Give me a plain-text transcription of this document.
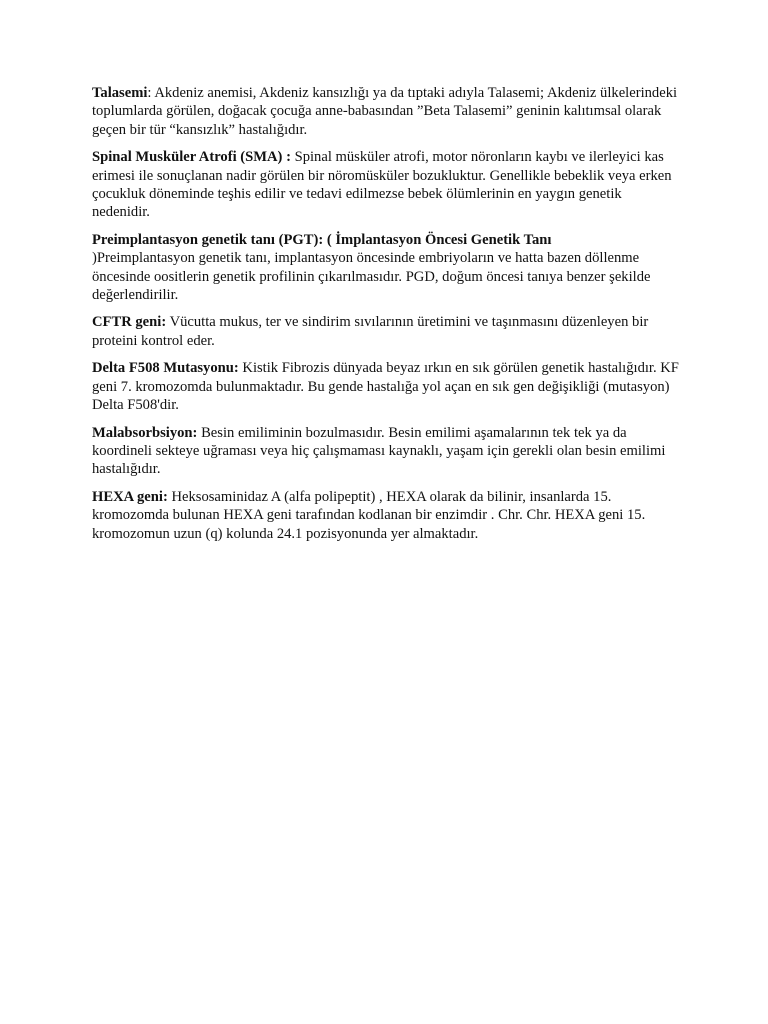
Talasemi: Akdeniz anemisi, Akdeniz kansızlığı ya da tıptaki adıyla Talasemi; Akdeniz ülkelerindeki toplumlarda görülen, doğacak çocuğa anne-babasından ”Beta Talasemi” geninin kalıtımsal olarak geçen bir tür “kansızlık” hastalığıdır.

Spinal Musküler Atrofi (SMA) : Spinal müsküler atrofi, motor nöronların kaybı ve ilerleyici kas erimesi ile sonuçlanan nadir görülen bir nöromüsküler bozukluktur. Genellikle bebeklik veya erken çocukluk döneminde teşhis edilir ve tedavi edilmezse bebek ölümlerinin en yaygın genetik nedenidir.

Preimplantasyon genetik tanı (PGT): ( İmplantasyon Öncesi Genetik Tanı

)Preimplantasyon genetik tanı, implantasyon öncesinde embriyoların ve hatta bazen döllenme öncesinde oositlerin genetik profilinin çıkarılmasıdır. PGD, doğum öncesi tanıya benzer şekilde değerlendirilir.

CFTR geni: Vücutta mukus, ter ve sindirim sıvılarının üretimini ve taşınmasını düzenleyen bir proteini kontrol eder.

Delta F508 Mutasyonu: Kistik Fibrozis dünyada beyaz ırkın en sık görülen genetik hastalığıdır. KF geni 7. kromozomda bulunmaktadır. Bu gende hastalığa yol açan en sık gen değişikliği (mutasyon) Delta F508'dir.

Malabsorbsiyon: Besin emiliminin bozulmasıdır. Besin emilimi aşamalarının tek tek ya da koordineli sekteye uğraması veya hiç çalışmaması kaynaklı, yaşam için gerekli olan besin emilimi hastalığıdır.

HEXA geni: Heksosaminidaz A (alfa polipeptit) , HEXA olarak da bilinir, insanlarda 15. kromozomda bulunan HEXA geni tarafından kodlanan bir enzimdir . Chr. Chr. HEXA geni 15. kromozomun uzun (q) kolunda 24.1 pozisyonunda yer almaktadır.
